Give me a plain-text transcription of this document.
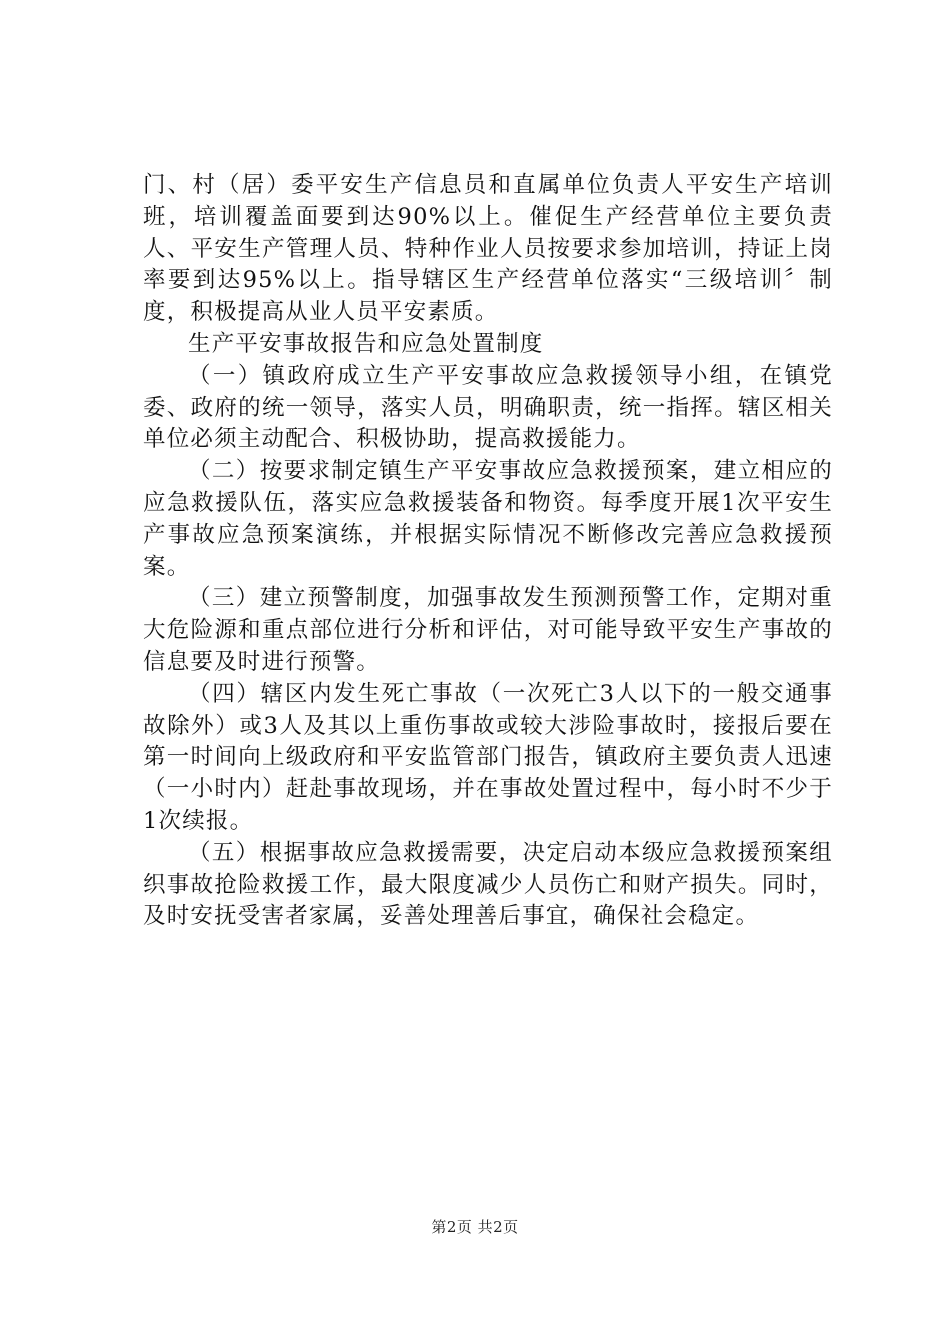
门、村（居）委平安生产信息员和直属单位负责人平安生产培训班，培训覆盖面要到达90%以上。催促生产经营单位主要负责人、平安生产管理人员、特种作业人员按要求参加培训，持证上岗率要到达95%以上。指导辖区生产经营单位落实“三级培训〞制度，积极提高从业人员平安素质。

生产平安事故报告和应急处置制度

（一）镇政府成立生产平安事故应急救援领导小组，在镇党委、政府的统一领导，落实人员，明确职责，统一指挥。辖区相关单位必须主动配合、积极协助，提高救援能力。

（二）按要求制定镇生产平安事故应急救援预案，建立相应的应急救援队伍，落实应急救援装备和物资。每季度开展1次平安生产事故应急预案演练，并根据实际情况不断修改完善应急救援预案。

（三）建立预警制度，加强事故发生预测预警工作，定期对重大危险源和重点部位进行分析和评估，对可能导致平安生产事故的信息要及时进行预警。

（四）辖区内发生死亡事故（一次死亡3人以下的一般交通事故除外）或3人及其以上重伤事故或较大涉险事故时，接报后要在第一时间向上级政府和平安监管部门报告，镇政府主要负责人迅速（一小时内）赶赴事故现场，并在事故处置过程中，每小时不少于1次续报。

（五）根据事故应急救援需要，决定启动本级应急救援预案组织事故抢险救援工作，最大限度减少人员伤亡和财产损失。同时，及时安抚受害者家属，妥善处理善后事宜，确保社会稳定。

第2页 共2页
